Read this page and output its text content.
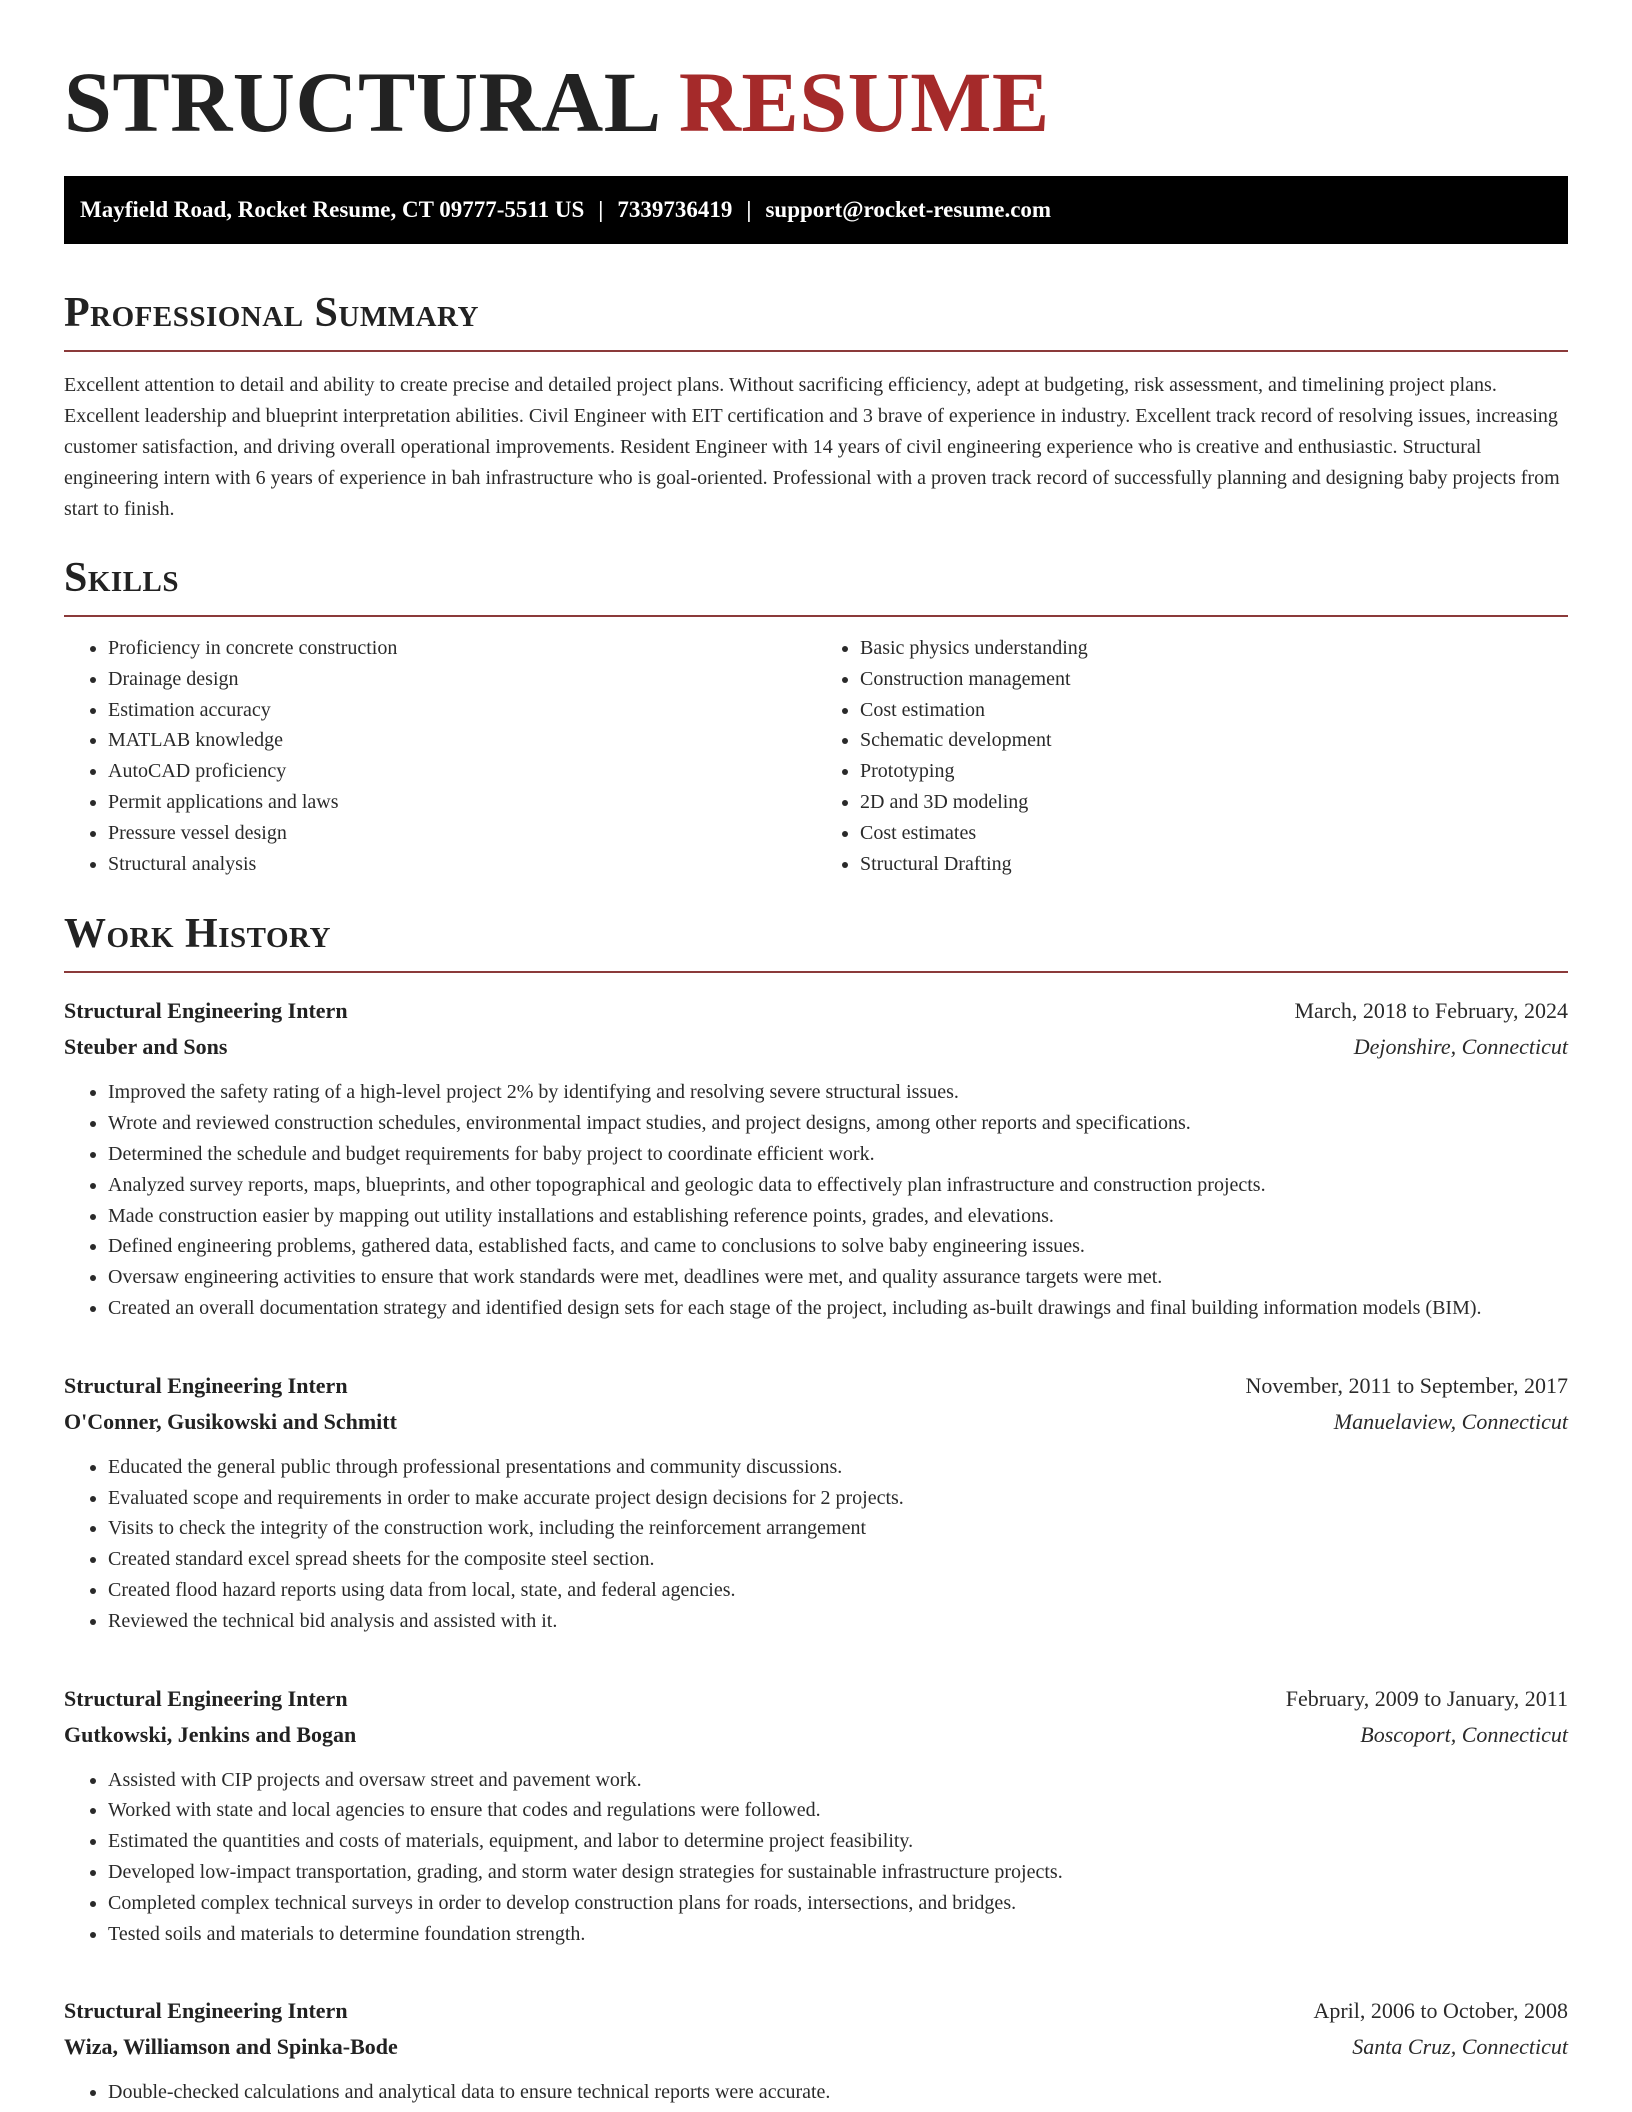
STRUCTURAL RESUME
Mayfield Road, Rocket Resume, CT 09777-5511 US | 7339736419 | support@rocket-resume.com
Professional Summary

Excellent attention to detail and ability to create precise and detailed project plans. Without sacrificing efficiency, adept at budgeting, risk assessment, and timelining project plans. Excellent leadership and blueprint interpretation abilities. Civil Engineer with EIT certification and 3 brave of experience in industry. Excellent track record of resolving issues, increasing customer satisfaction, and driving overall operational improvements. Resident Engineer with 14 years of civil engineering experience who is creative and enthusiastic. Structural engineering intern with 6 years of experience in bah infrastructure who is goal-oriented. Professional with a proven track record of successfully planning and designing baby projects from start to finish.

Skills
• Proficiency in concrete construction
• Drainage design
• Estimation accuracy
• MATLAB knowledge
• AutoCAD proficiency
• Permit applications and laws
• Pressure vessel design
• Structural analysis
• Basic physics understanding
• Construction management
• Cost estimation
• Schematic development
• Prototyping
• 2D and 3D modeling
• Cost estimates
• Structural Drafting
Work History
Structural Engineering Intern	March, 2018 to February, 2024
Steuber and Sons	Dejonshire, Connecticut
• Improved the safety rating of a high-level project 2% by identifying and resolving severe structural issues.
• Wrote and reviewed construction schedules, environmental impact studies, and project designs, among other reports and specifications.
• Determined the schedule and budget requirements for baby project to coordinate efficient work.
• Analyzed survey reports, maps, blueprints, and other topographical and geologic data to effectively plan infrastructure and construction projects.
• Made construction easier by mapping out utility installations and establishing reference points, grades, and elevations.
• Defined engineering problems, gathered data, established facts, and came to conclusions to solve baby engineering issues.
• Oversaw engineering activities to ensure that work standards were met, deadlines were met, and quality assurance targets were met.
• Created an overall documentation strategy and identified design sets for each stage of the project, including as-built drawings and final building information models (BIM).
Structural Engineering Intern	November, 2011 to September, 2017
O'Conner, Gusikowski and Schmitt	Manuelaview, Connecticut
• Educated the general public through professional presentations and community discussions.
• Evaluated scope and requirements in order to make accurate project design decisions for 2 projects.
• Visits to check the integrity of the construction work, including the reinforcement arrangement
• Created standard excel spread sheets for the composite steel section.
• Created flood hazard reports using data from local, state, and federal agencies.
• Reviewed the technical bid analysis and assisted with it.
Structural Engineering Intern	February, 2009 to January, 2011
Gutkowski, Jenkins and Bogan	Boscoport, Connecticut
• Assisted with CIP projects and oversaw street and pavement work.
• Worked with state and local agencies to ensure that codes and regulations were followed.
• Estimated the quantities and costs of materials, equipment, and labor to determine project feasibility.
• Developed low-impact transportation, grading, and storm water design strategies for sustainable infrastructure projects.
• Completed complex technical surveys in order to develop construction plans for roads, intersections, and bridges.
• Tested soils and materials to determine foundation strength.
Structural Engineering Intern	April, 2006 to October, 2008
Wiza, Williamson and Spinka-Bode	Santa Cruz, Connecticut
• Double-checked calculations and analytical data to ensure technical reports were accurate.
